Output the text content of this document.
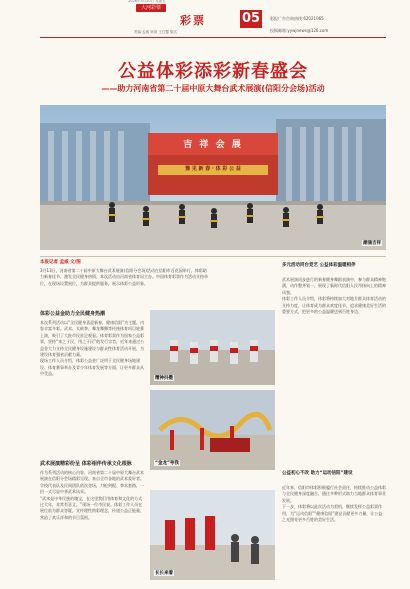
2026年3月20日 星期五
大河彩票
彩票	05
责编 孟威 审读 王红馨 版式
彩报广告咨询热线:62021965
投稿邮箱:yywjnews@126.com
公益体彩添彩新春盛会
——助力河南省第二十届中原大舞台武术展演(信阳分会场)活动
吉 祥 会 展
豫 见 新 春 · 体 彩 公 益
潮涌吉祥
本报记者 孟威 文/图
3月13日，河南省第二十届中原大舞台武术展演(信阳分会场)活动在信阳市百花园举行，体彩助力新春佳节，激发全民健身热情，本次活动由河南省体育局主办。中国体育彩票作为活动支持单位，在现场设置展位，为群众提供服务，展示体彩公益形象。
体彩公益金助力全民健身热潮
本次系列活动以“全民健身喜迎新春，健康信阳”为主题，内容丰富多彩。武术、太极拳、舞龙舞狮等传统体育项目轮番上演，吸引了大批市民驻足观看。体育彩票作为国家公益彩票，坚持“来之于民、用之于民”的发行宗旨，近年来通过公益金大力支持全民健身设施建设与群众性体育活动开展，为建设体育强省贡献力量。
现场工作人员介绍，体彩公益金广泛用于全民健身场地建设、体育赛事举办及青少年体育发展等方面，让更多群众从中受益。
武术展演精彩纷呈 体彩相伴传承文化根脉
作为系列活动的核心内容，河南省第二十届中原大舞台武术展演在信阳分会场精彩呈现。来自全市各地的武术爱好者、学校代表队及民间团队依次登场，刀枪剑棍、拳术套路，一招一式尽显中华武术风采。
“武术是中华民族的瑰宝，在这里我们用体育和文化的方式过大年，非常有意义。”现场一位市民说。体彩工作人员在展位前为群众答疑，宣传理性购彩理念，传递公益正能量，营造了欢乐祥和的节日氛围。
精神抖擞
“金龙”夸我
长长来着
多元活动同台竞艺 公益体彩温暖相伴
武术展演同步进行的新春健身舞蹈表演中，参与群众精神饱满，动作整齐划一，展现了新时代信阳人民昂扬向上的精神风貌。
体彩工作人员介绍，体彩将持续加大对地方群众体育活动的支持力度，让体育成为群众欢度佳节、追求健康美好生活的重要方式，把更多的公益温暖送到百姓身边。
公益初心不改 助力“运动信阳”建设
近年来，信阳市体彩积极履行社会责任，持续推动公益体彩与全民健身深度融合，通过多种形式助力当地群众体育事业发展。
下一步，体彩将以此次活动为契机，继续发挥公益彩票作用，为“运动信阳”“健康信阳”建设贡献更多力量，让公益之光照亮更多百姓的美好生活。
